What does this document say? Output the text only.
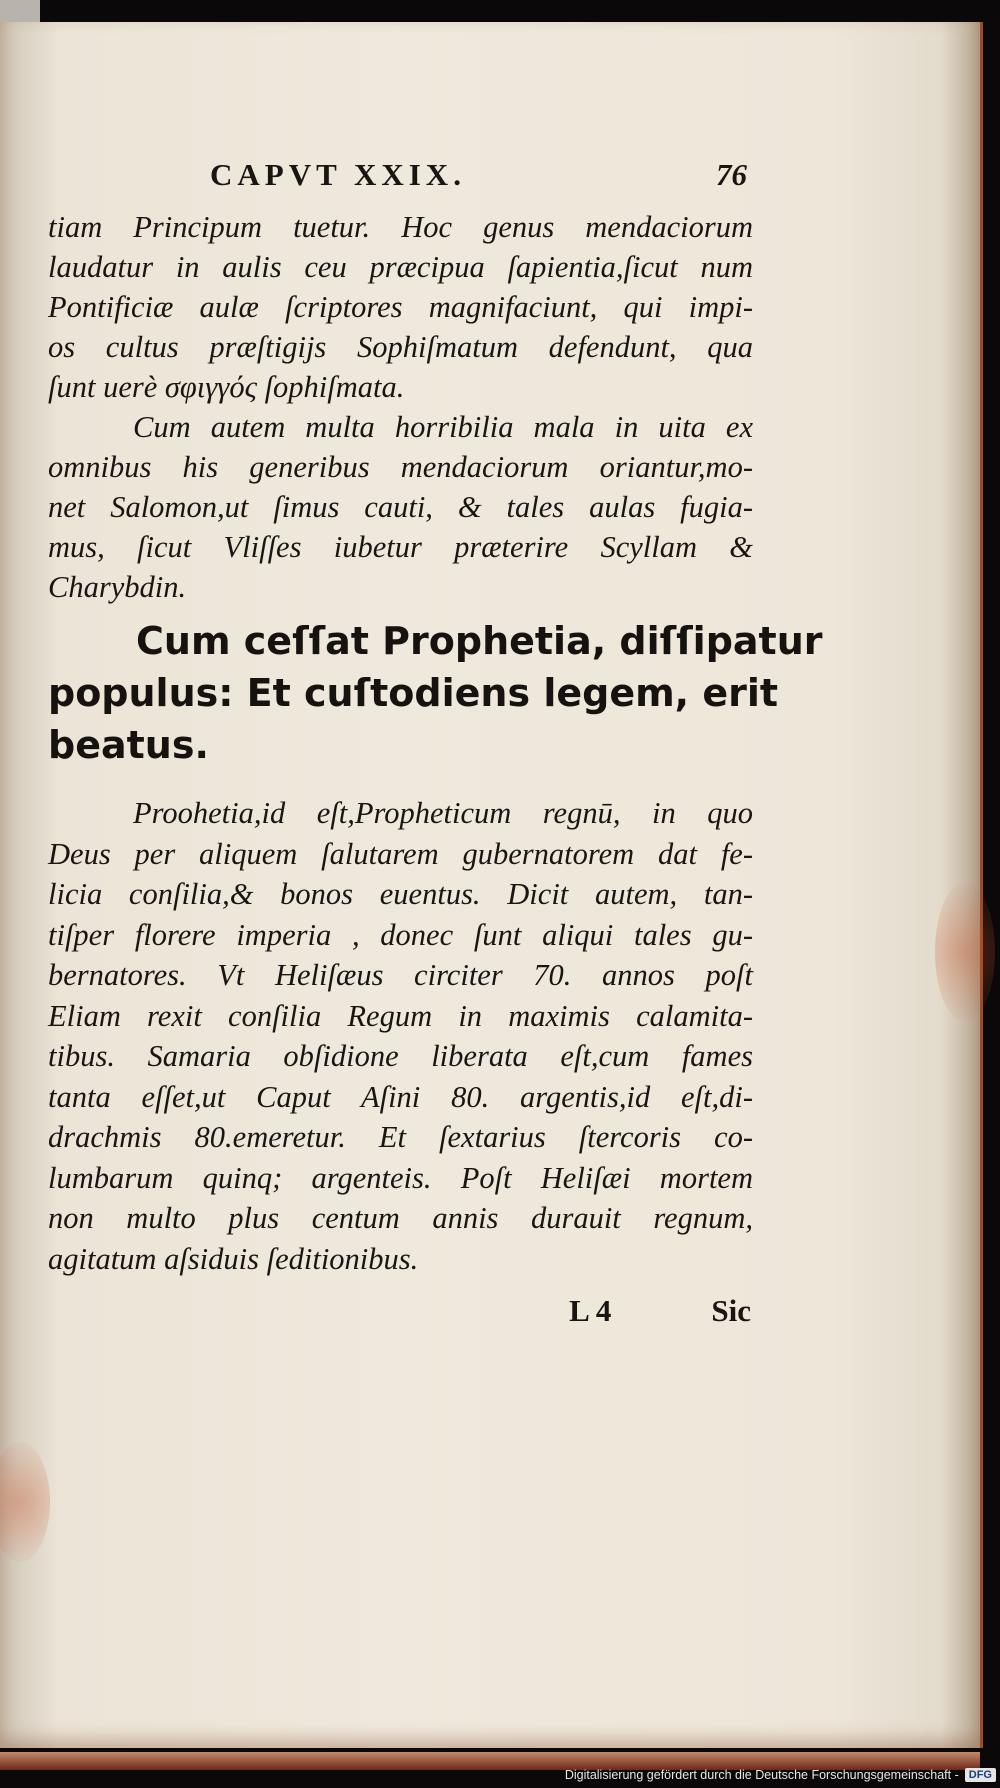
CAPVT XXIX.	76
tiam Principum tuetur. Hoc genus mendaciorum
laudatur in aulis ceu præcipua ſapientia,ſicut num
Pontificiæ aulæ ſcriptores magnifaciunt, qui impi-
os cultus præſtigijs Sophiſmatum defendunt, qua
ſunt uerè σφιγγός ſophiſmata.
Cum autem multa horribilia mala in uita ex
omnibus his generibus mendaciorum oriantur,mo-
net Salomon,ut ſimus cauti, & tales aulas fugia-
mus, ſicut Vliſſes iubetur præterire Scyllam &
Charybdin.
Cum ceſſat Prophetia, diſſipatur
populus: Et cuſtodiens legem, erit
beatus.
Proohetia,id eſt,Propheticum regnū, in quo
Deus per aliquem ſalutarem gubernatorem dat fe-
licia conſilia,& bonos euentus. Dicit autem, tan-
tiſper florere imperia , donec ſunt aliqui tales gu-
bernatores. Vt Heliſæus circiter 70. annos poſt
Eliam rexit conſilia Regum in maximis calamita-
tibus. Samaria obſidione liberata eſt,cum fames
tanta eſſet,ut Caput Aſini 80. argentis,id eſt,di-
drachmis 80.emeretur. Et ſextarius ſtercoris co-
lumbarum quinq; argenteis. Poſt Heliſæi mortem
non multo plus centum annis durauit regnum,
agitatum aſsiduis ſeditionibus.
L 4	Sic
Digitalisierung gefördert durch die Deutsche Forschungsgemeinschaft - DFG
